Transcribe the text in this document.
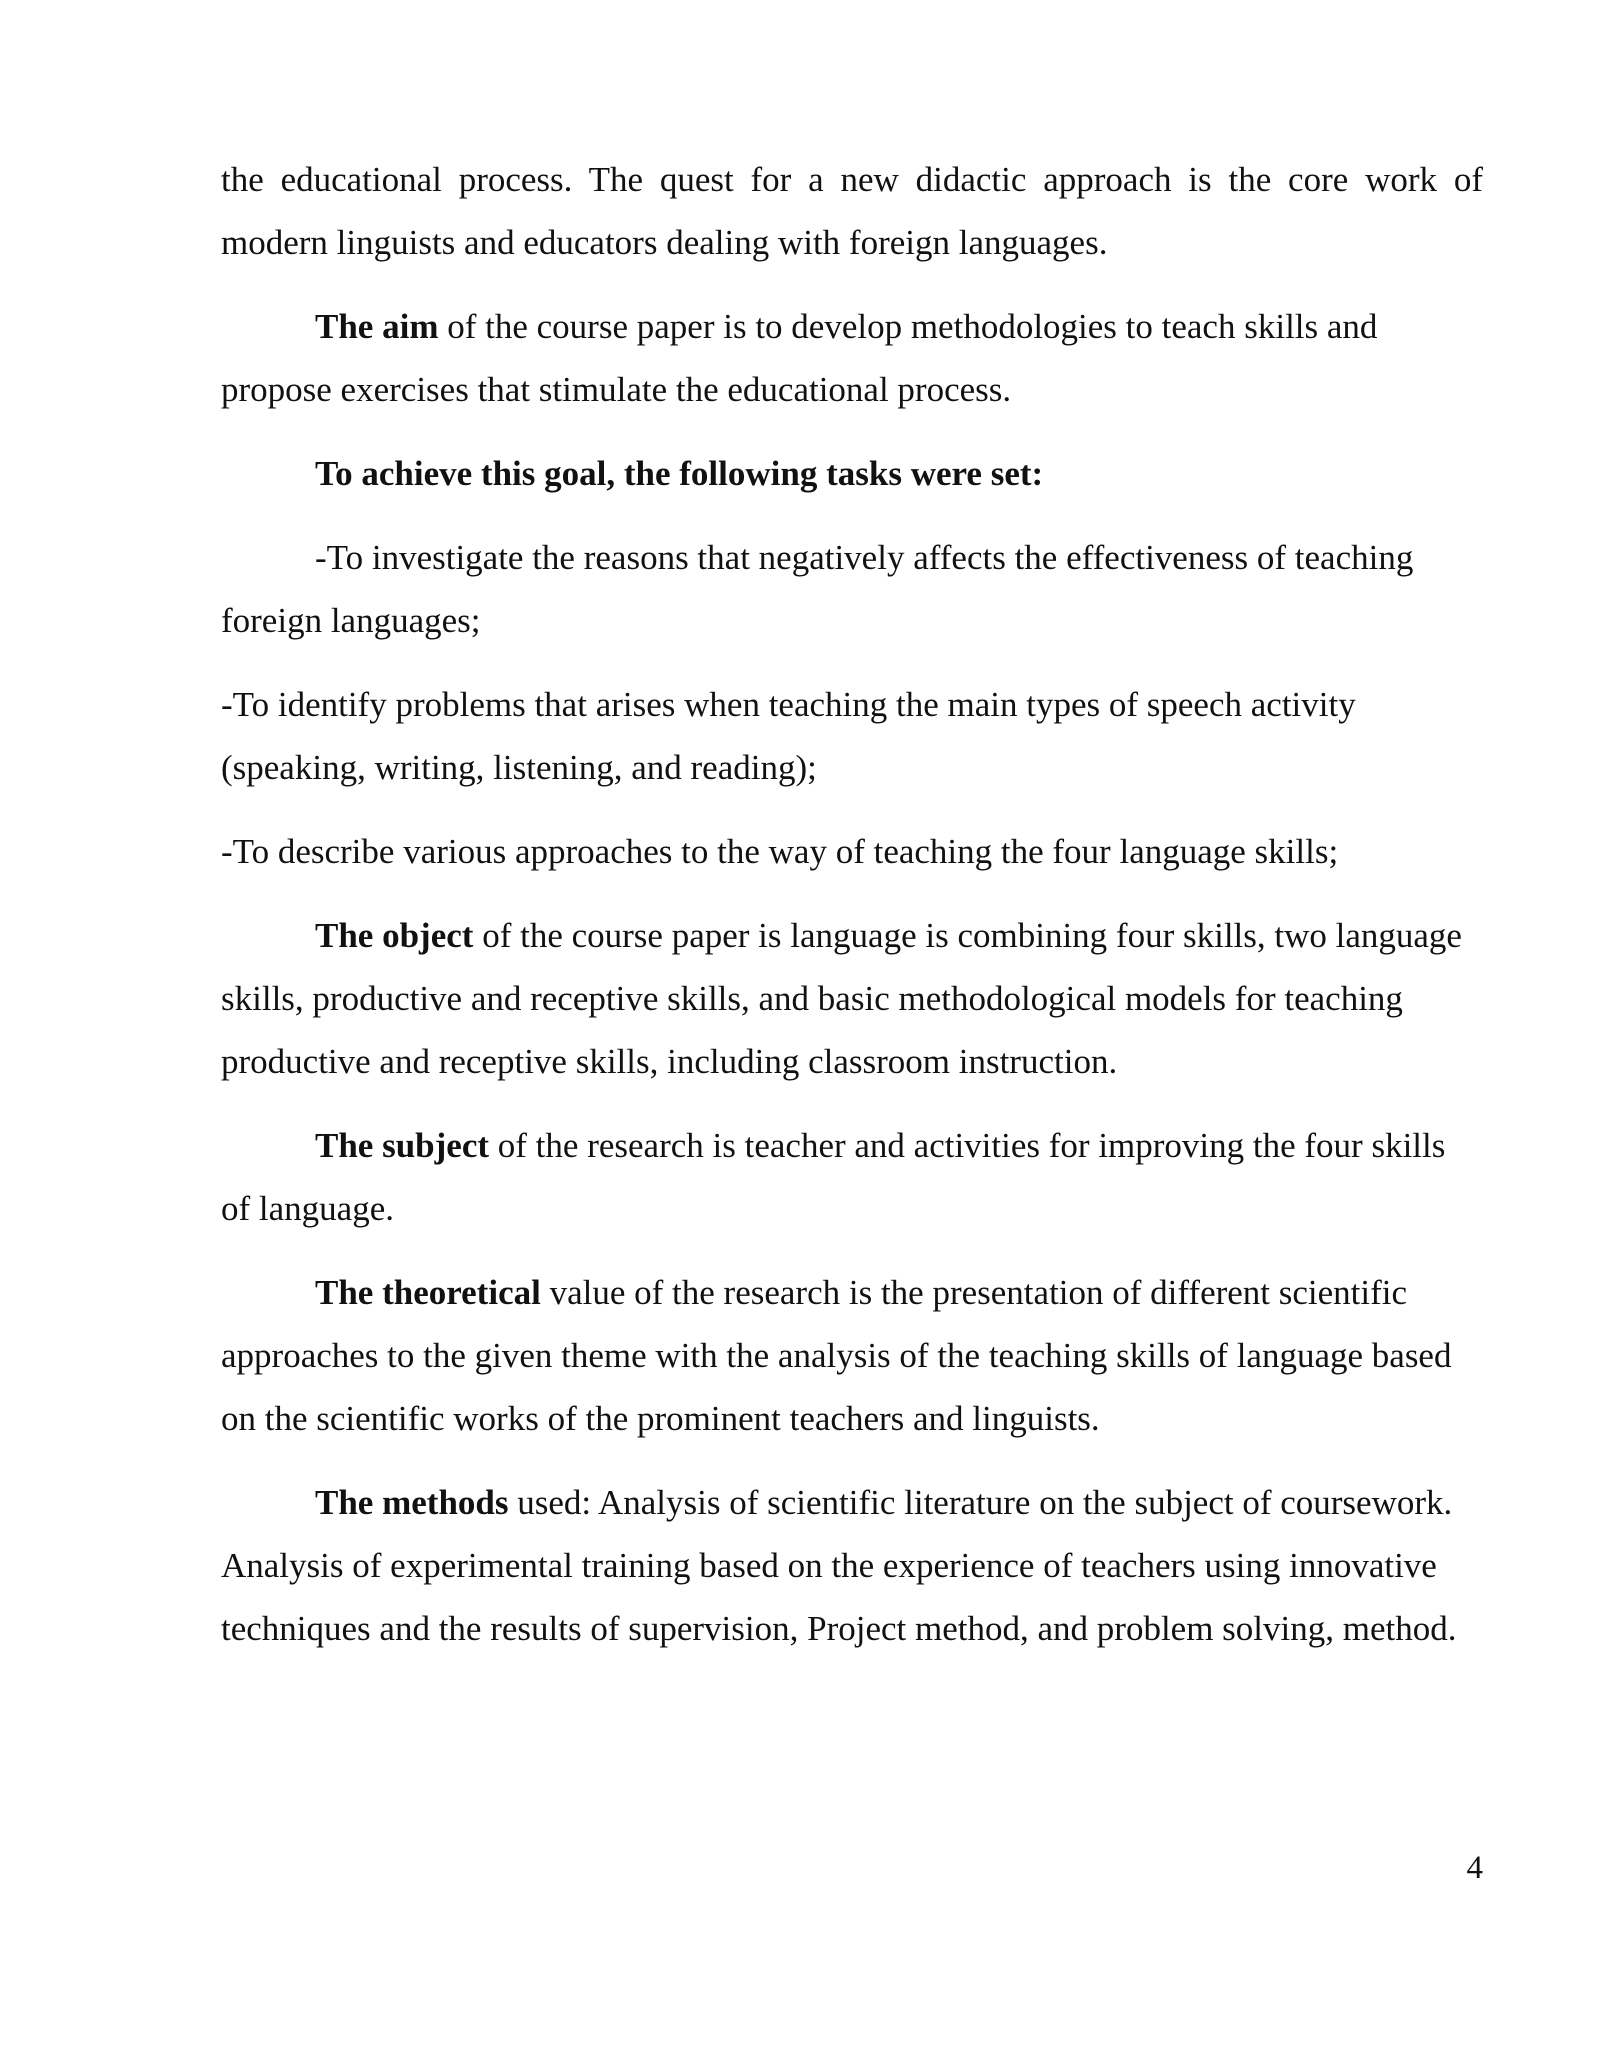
the educational process. The quest for a new didactic approach is the core work of modern linguists and educators dealing with foreign languages.

The aim of the course paper is to develop methodologies to teach skills and propose exercises that stimulate the educational process.

To achieve this goal, the following tasks were set:

-To investigate the reasons that negatively affects the effectiveness of teaching foreign languages;

-To identify problems that arises when teaching the main types of speech activity (speaking, writing, listening, and reading);

-To describe various approaches to the way of teaching the four language skills;

The object of the course paper is language is combining four skills, two language skills, productive and receptive skills, and basic methodological models for teaching productive and receptive skills, including classroom instruction.

The subject of the research is teacher and activities for improving the four skills of language.

The theoretical value of the research is the presentation of different scientific approaches to the given theme with the analysis of the teaching skills of language based on the scientific works of the prominent teachers and linguists.

The methods used: Analysis of scientific literature on the subject of coursework. Analysis of experimental training based on the experience of teachers using innovative techniques and the results of supervision, Project method, and problem solving, method.

4
